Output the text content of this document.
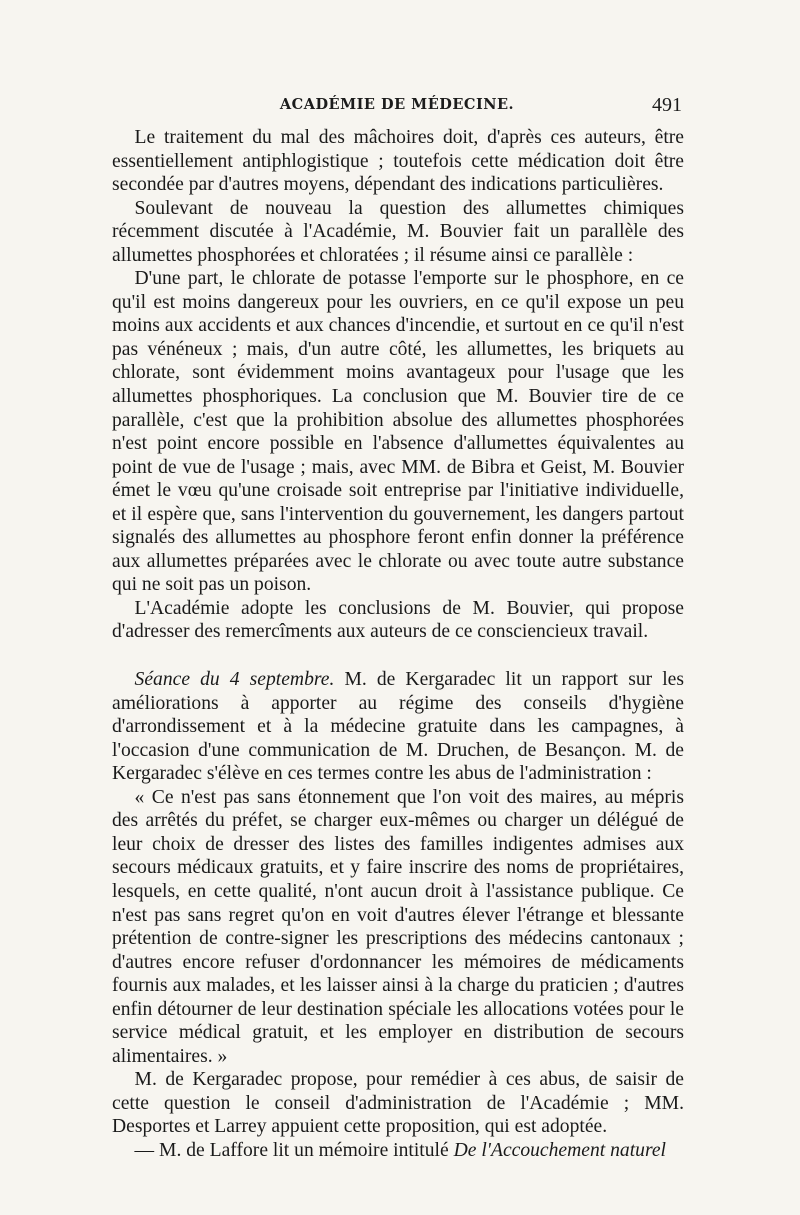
ACADÉMIE DE MÉDECINE.	491

Le traitement du mal des mâchoires doit, d'après ces auteurs, être essentiellement antiphlogistique ; toutefois cette médication doit être secondée par d'autres moyens, dépendant des indications particulières.

Soulevant de nouveau la question des allumettes chimiques récemment discutée à l'Académie, M. Bouvier fait un parallèle des allumettes phosphorées et chloratées ; il résume ainsi ce parallèle :

D'une part, le chlorate de potasse l'emporte sur le phosphore, en ce qu'il est moins dangereux pour les ouvriers, en ce qu'il expose un peu moins aux accidents et aux chances d'incendie, et surtout en ce qu'il n'est pas vénéneux ; mais, d'un autre côté, les allumettes, les briquets au chlorate, sont évidemment moins avantageux pour l'usage que les allumettes phosphoriques. La conclusion que M. Bouvier tire de ce parallèle, c'est que la prohibition absolue des allumettes phosphorées n'est point encore possible en l'absence d'allumettes équivalentes au point de vue de l'usage ; mais, avec MM. de Bibra et Geist, M. Bouvier émet le vœu qu'une croisade soit entreprise par l'initiative individuelle, et il espère que, sans l'intervention du gouvernement, les dangers partout signalés des allumettes au phosphore feront enfin donner la préférence aux allumettes préparées avec le chlorate ou avec toute autre substance qui ne soit pas un poison.

L'Académie adopte les conclusions de M. Bouvier, qui propose d'adresser des remercîments aux auteurs de ce consciencieux travail.

Séance du 4 septembre. M. de Kergaradec lit un rapport sur les améliorations à apporter au régime des conseils d'hygiène d'arrondissement et à la médecine gratuite dans les campagnes, à l'occasion d'une communication de M. Druchen, de Besançon. M. de Kergaradec s'élève en ces termes contre les abus de l'administration :

« Ce n'est pas sans étonnement que l'on voit des maires, au mépris des arrêtés du préfet, se charger eux-mêmes ou charger un délégué de leur choix de dresser des listes des familles indigentes admises aux secours médicaux gratuits, et y faire inscrire des noms de propriétaires, lesquels, en cette qualité, n'ont aucun droit à l'assistance publique. Ce n'est pas sans regret qu'on en voit d'autres élever l'étrange et blessante prétention de contre-signer les prescriptions des médecins cantonaux ; d'autres encore refuser d'ordonnancer les mémoires de médicaments fournis aux malades, et les laisser ainsi à la charge du praticien ; d'autres enfin détourner de leur destination spéciale les allocations votées pour le service médical gratuit, et les employer en distribution de secours alimentaires. »

M. de Kergaradec propose, pour remédier à ces abus, de saisir de cette question le conseil d'administration de l'Académie ; MM. Desportes et Larrey appuient cette proposition, qui est adoptée.

— M. de Laffore lit un mémoire intitulé De l'Accouchement naturel
